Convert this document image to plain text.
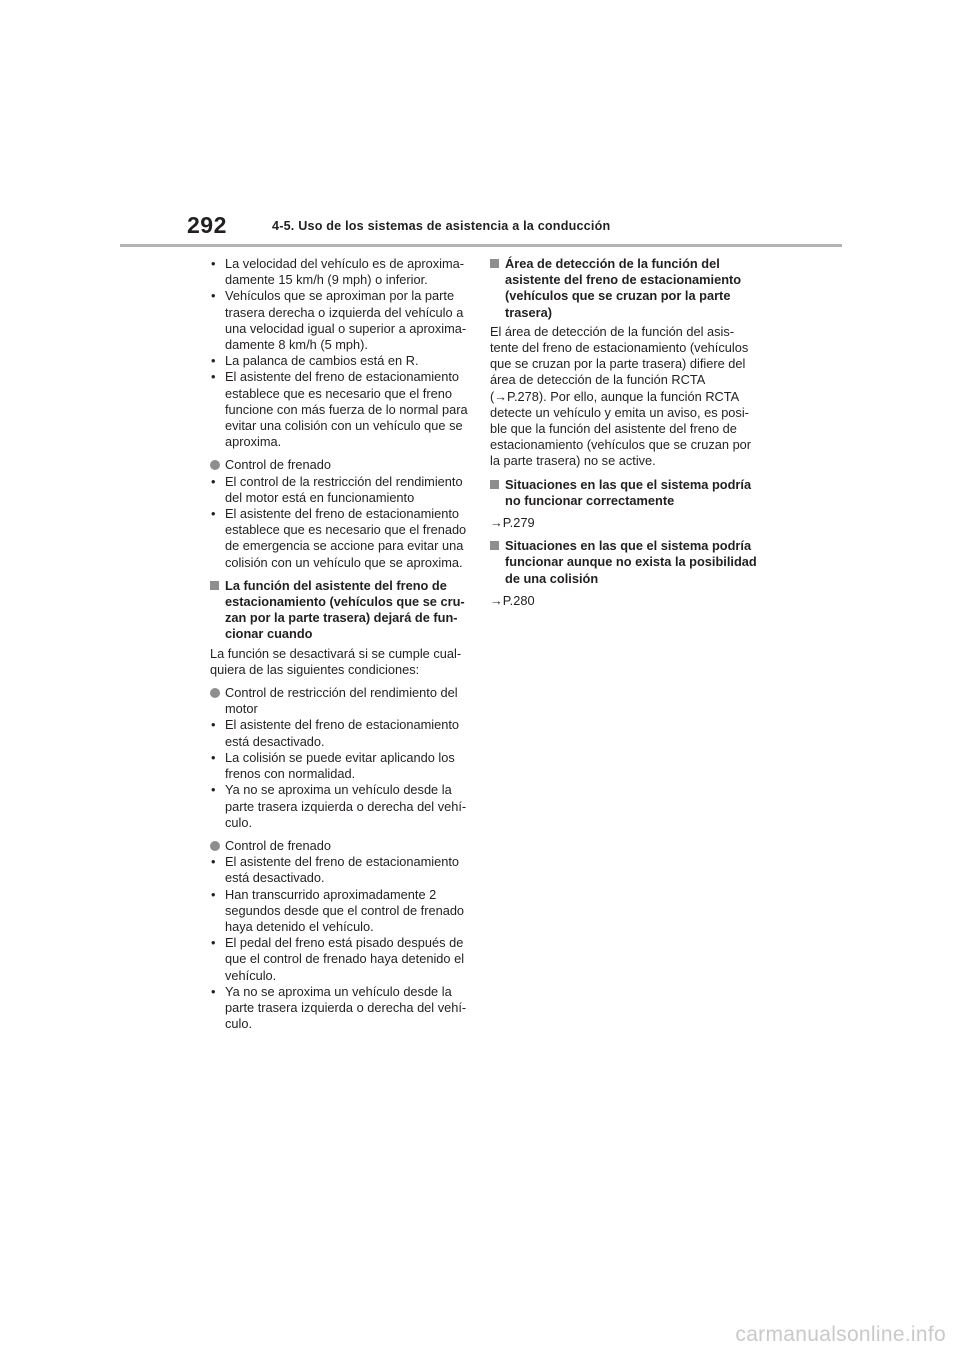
292	4-5. Uso de los sistemas de asistencia a la conducción
• La velocidad del vehículo es de aproxima-damente 15 km/h (9 mph) o inferior.
• Vehículos que se aproximan por la parte trasera derecha o izquierda del vehículo a una velocidad igual o superior a aproxima-damente 8 km/h (5 mph).
• La palanca de cambios está en R.
• El asistente del freno de estacionamiento establece que es necesario que el freno funcione con más fuerza de lo normal para evitar una colisión con un vehículo que se aproxima.
Control de frenado
• El control de la restricción del rendimiento del motor está en funcionamiento
• El asistente del freno de estacionamiento establece que es necesario que el frenado de emergencia se accione para evitar una colisión con un vehículo que se aproxima.
La función del asistente del freno de estacionamiento (vehículos que se cru-zan por la parte trasera) dejará de fun-cionar cuando

La función se desactivará si se cumple cual-quiera de las siguientes condiciones:

Control de restricción del rendimiento del motor
• El asistente del freno de estacionamiento está desactivado.
• La colisión se puede evitar aplicando los frenos con normalidad.
• Ya no se aproxima un vehículo desde la parte trasera izquierda o derecha del vehí-culo.
Control de frenado
• El asistente del freno de estacionamiento está desactivado.
• Han transcurrido aproximadamente 2 segundos desde que el control de frenado haya detenido el vehículo.
• El pedal del freno está pisado después de que el control de frenado haya detenido el vehículo.
• Ya no se aproxima un vehículo desde la parte trasera izquierda o derecha del vehí-culo.
Área de detección de la función del asistente del freno de estacionamiento (vehículos que se cruzan por la parte trasera)

El área de detección de la función del asis-tente del freno de estacionamiento (vehículos que se cruzan por la parte trasera) difiere del área de detección de la función RCTA (→P.278). Por ello, aunque la función RCTA detecte un vehículo y emita un aviso, es posi-ble que la función del asistente del freno de estacionamiento (vehículos que se cruzan por la parte trasera) no se active.

Situaciones en las que el sistema podría no funcionar correctamente
→P.279
Situaciones en las que el sistema podría funcionar aunque no exista la posibilidad de una colisión
→P.280
carmanualsonline.info
